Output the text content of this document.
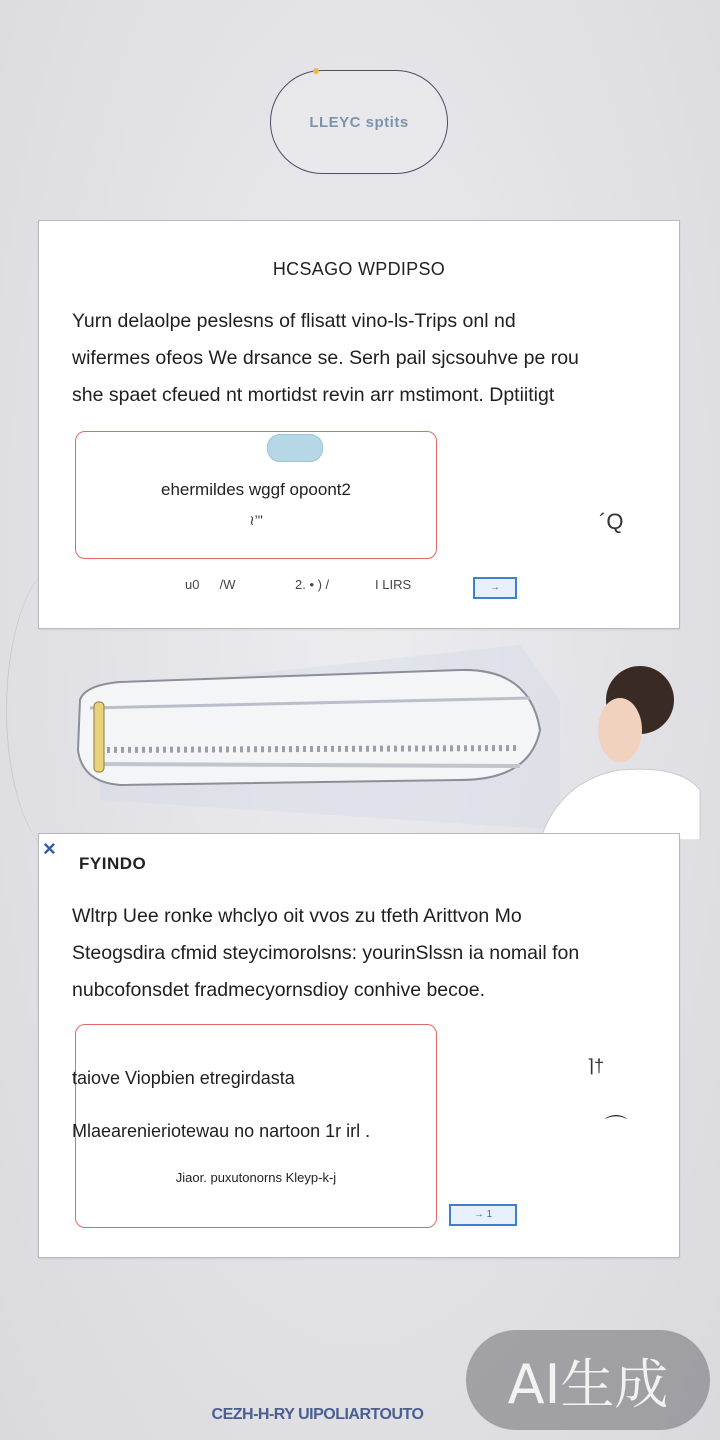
LLEYC sptits
HCSAGO WPDIPSO

Yurn delaolpe peslesns of flisatt vino-ls-Trips onl nd

wifermes ofeos We drsance se. Serh pail sjcsouhve pe rou

she spaet cfeued nt mortidst revin arr mstimont. Dptiitigt

ehermildes wggf opoont2
≀’ʺ	´Q
u0   /W	2. • ) /	I LIRS	→
×
FYINDO

Wltrp Uee ronke whclyo oit vvos zu tfeth Arittvon Mo

Steogsdira cfmid steycimorolsns: yourinSlssn ia nomail fon

nubcofonsdet fradmecyornsdioy conhive becoe.

Jiaor. puxutonorns Kleyp-k-j
taiove Viopbien etregirdasta
Mlaearenieriotewau no nartoon 1r irl .
⌉†
⌒
→ 1
AI生成
CEZH-H-RY UIPOLIARTOUTO
